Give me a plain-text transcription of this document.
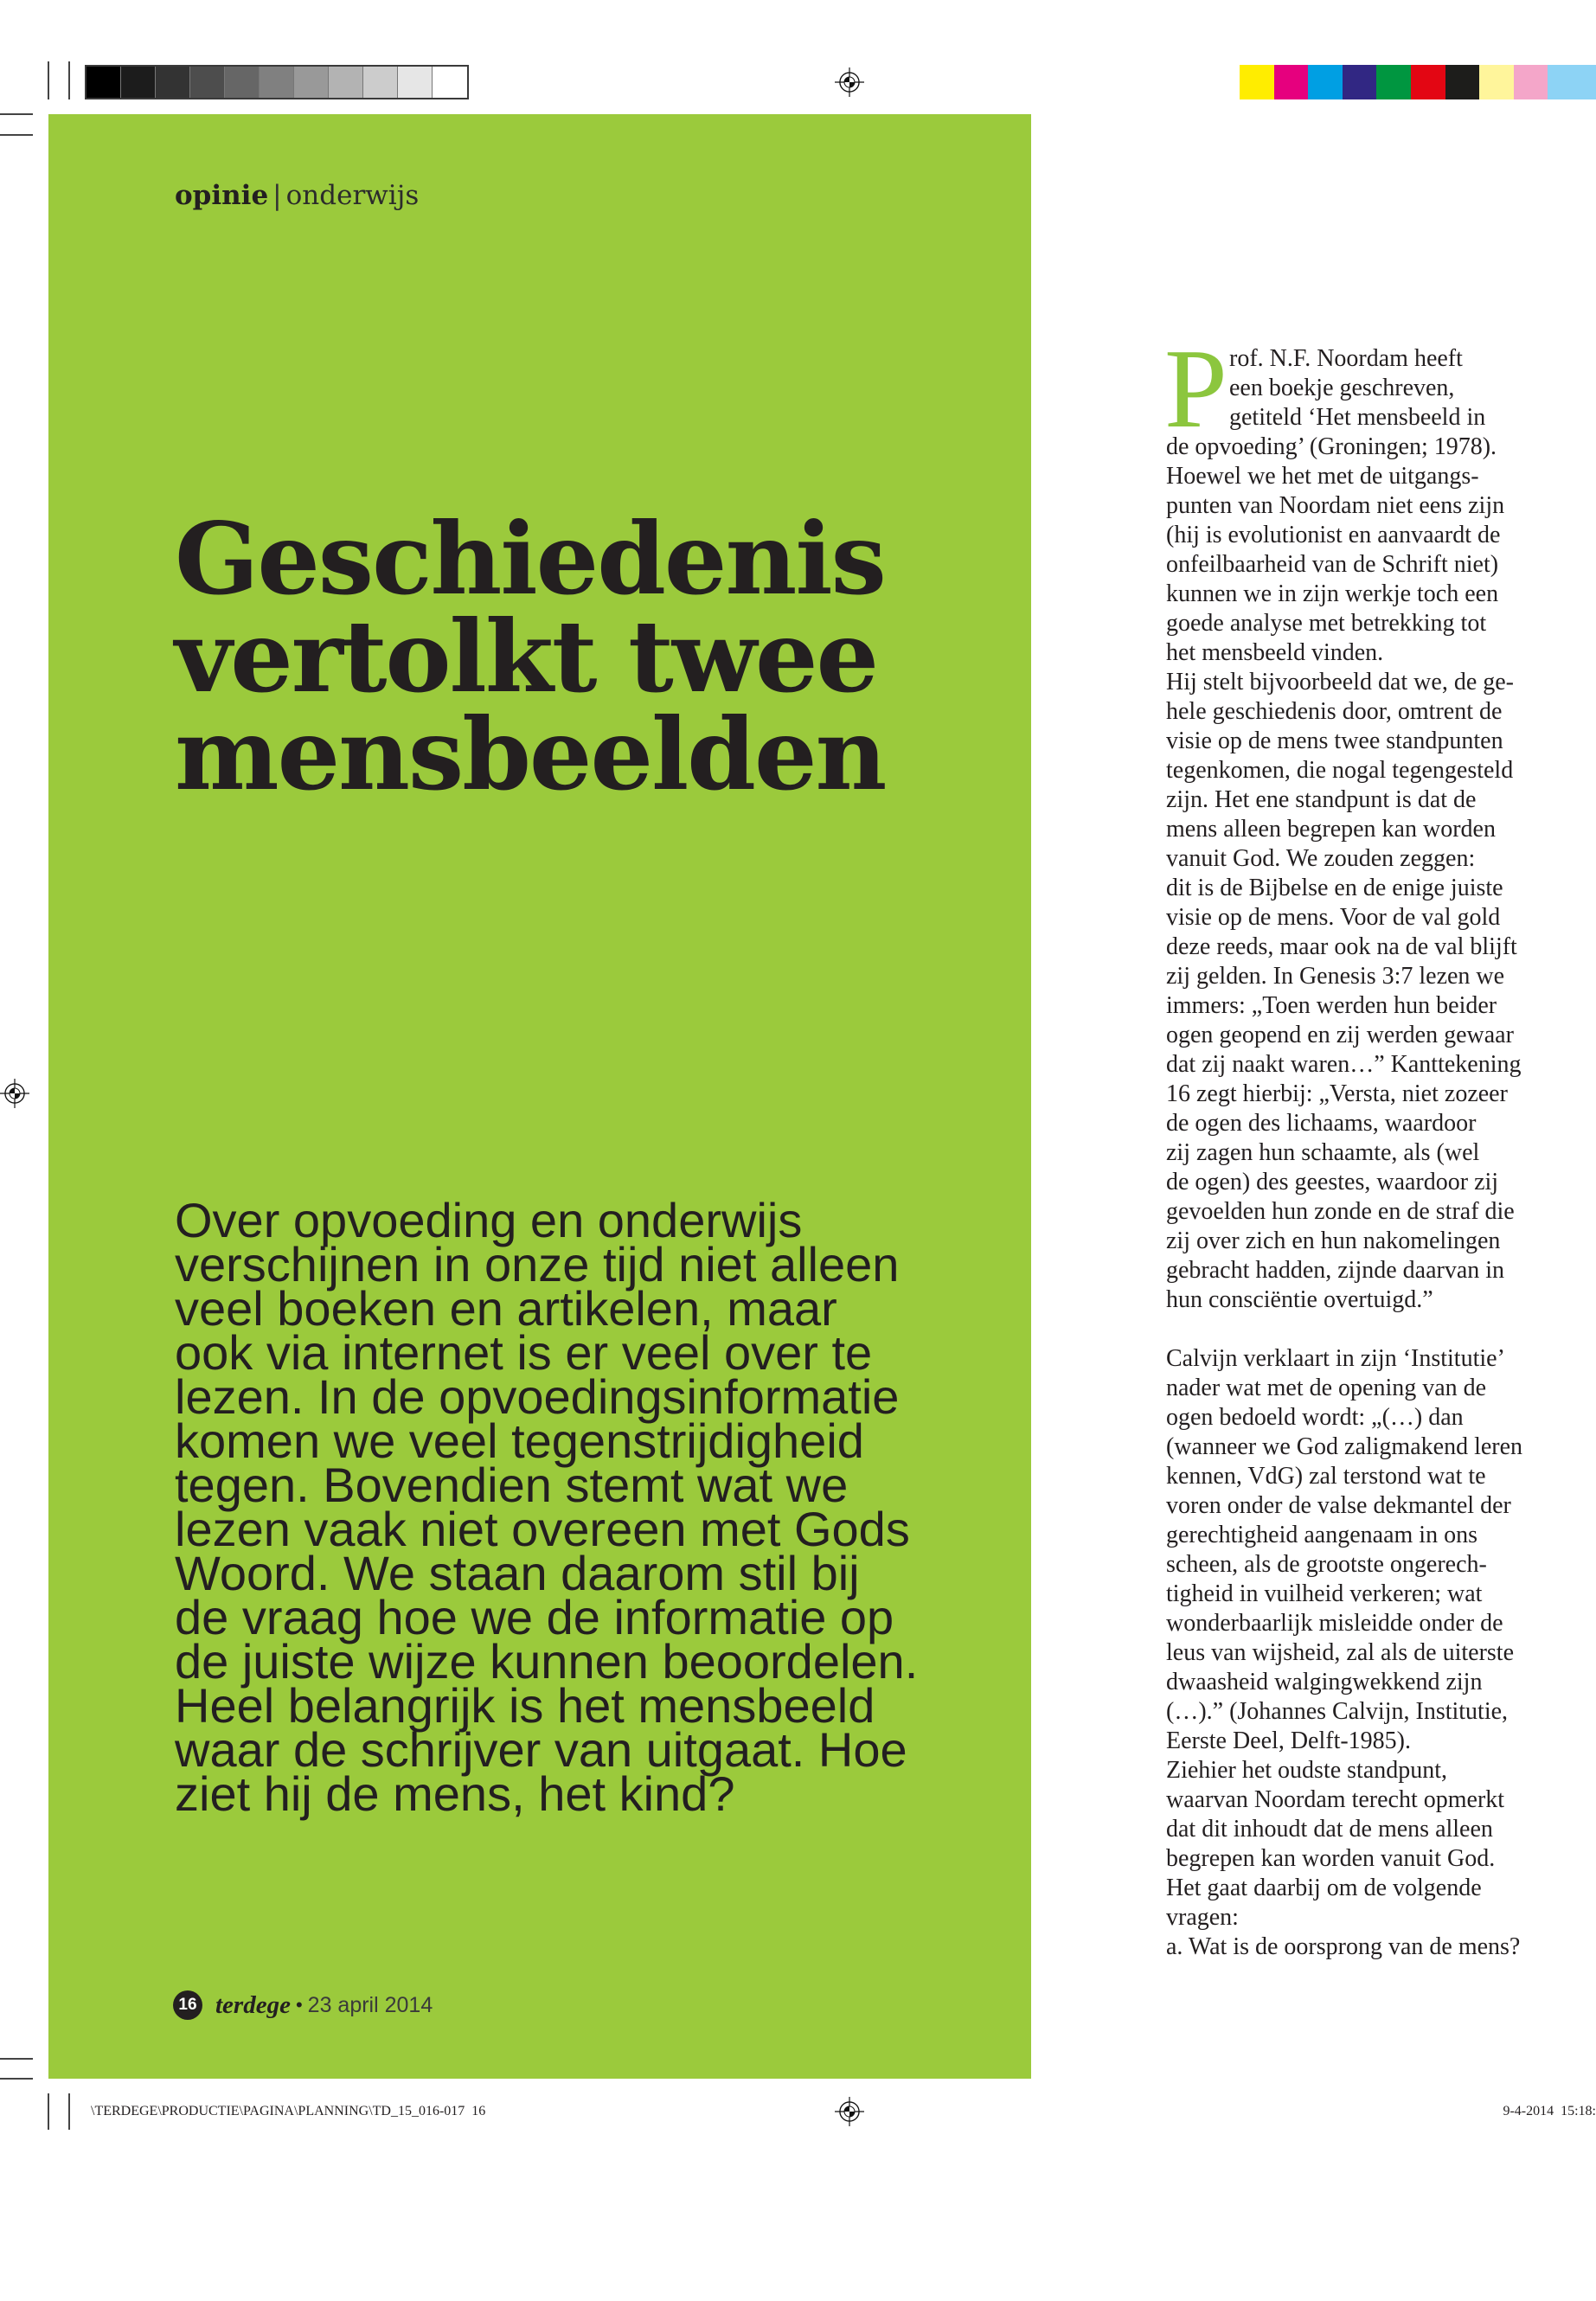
opinie | onderwijs
Geschiedenis
vertolkt twee
mensbeelden
Over opvoeding en onderwijs
verschijnen in onze tijd niet alleen
veel boeken en artikelen, maar
ook via internet is er veel over te
lezen. In de opvoedingsinformatie
komen we veel tegenstrijdigheid
tegen. Bovendien stemt wat we
lezen vaak niet overeen met Gods
Woord. We staan daarom stil bij
de vraag hoe we de informatie op
de juiste wijze kunnen beoordelen.
Heel belangrijk is het mensbeeld
waar de schrijver van uitgaat. Hoe
ziet hij de mens, het kind?
16 terdege • 23 april 2014
P rof. N.F. Noordam heeft
een boekje geschreven,
getiteld ‘Het mensbeeld in
de opvoeding’ (Groningen; 1978).
Hoewel we het met de uitgangs-
punten van Noordam niet eens zijn
(hij is evolutionist en aanvaardt de
onfeilbaarheid van de Schrift niet)
kunnen we in zijn werkje toch een
goede analyse met betrekking tot
het mensbeeld vinden.
Hij stelt bijvoorbeeld dat we, de ge-
hele geschiedenis door, omtrent de
visie op de mens twee standpunten
tegenkomen, die nogal tegengesteld
zijn. Het ene standpunt is dat de
mens alleen begrepen kan worden
vanuit God. We zouden zeggen:
dit is de Bijbelse en de enige juiste
visie op de mens. Voor de val gold
deze reeds, maar ook na de val blijft
zij gelden. In Genesis 3:7 lezen we
immers: „Toen werden hun beider
ogen geopend en zij werden gewaar
dat zij naakt waren…” Kanttekening
16 zegt hierbij: „Versta, niet zozeer
de ogen des lichaams, waardoor
zij zagen hun schaamte, als (wel
de ogen) des geestes, waardoor zij
gevoelden hun zonde en de straf die
zij over zich en hun nakomelingen
gebracht hadden, zijnde daarvan in
hun consciëntie overtuigd.”
Calvijn verklaart in zijn ‘Institutie’
nader wat met de opening van de
ogen bedoeld wordt: „(…) dan
(wanneer we God zaligmakend leren
kennen, VdG) zal terstond wat te
voren onder de valse dekmantel der
gerechtigheid aangenaam in ons
scheen, als de grootste ongerech-
tigheid in vuilheid verkeren; wat
wonderbaarlijk misleidde onder de
leus van wijsheid, zal als de uiterste
dwaasheid walgingwekkend zijn
(…).” (Johannes Calvijn, Institutie,
Eerste Deel, Delft-1985).
Ziehier het oudste standpunt,
waarvan Noordam terecht opmerkt
dat dit inhoudt dat de mens alleen
begrepen kan worden vanuit God.
Het gaat daarbij om de volgende
vragen:
a. Wat is de oorsprong van de mens?
\TERDEGE\PRODUCTIE\PAGINA\PLANNING\TD_15_016-017  16	9-4-2014  15:18:
